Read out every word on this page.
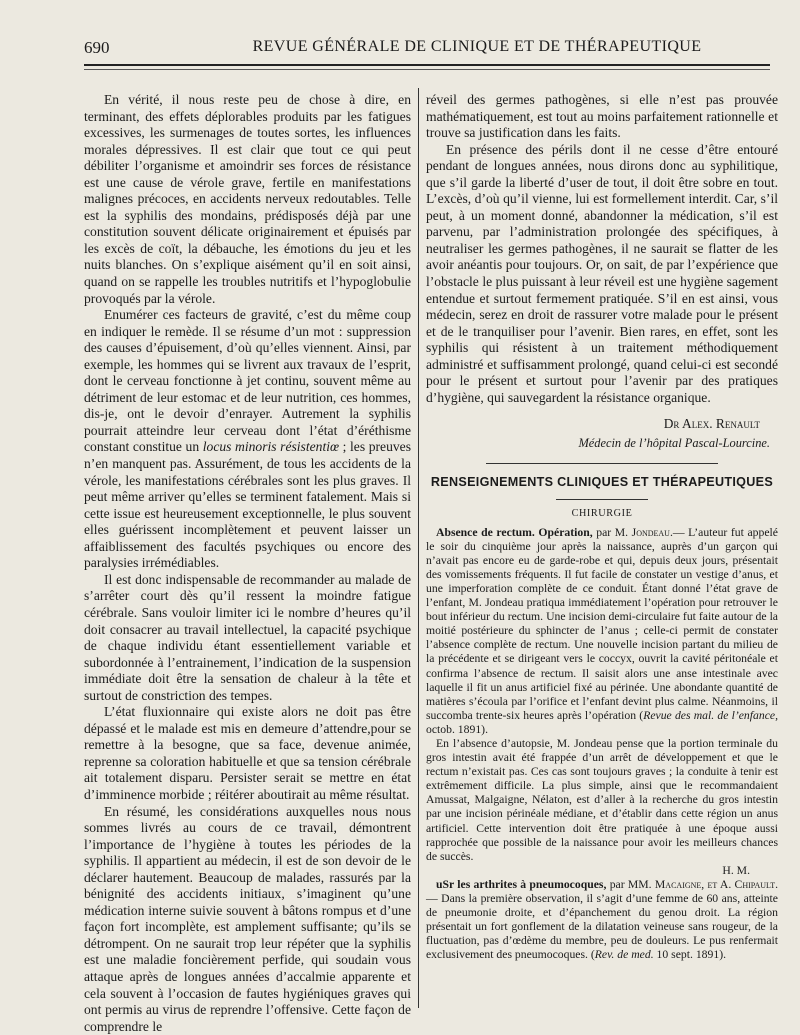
690	REVUE GÉNÉRALE DE CLINIQUE ET DE THÉRAPEUTIQUE

En vérité, il nous reste peu de chose à dire, en terminant, des effets déplorables produits par les fatigues excessives, les surmenages de toutes sortes, les influences morales dépressives. Il est clair que tout ce qui peut débiliter l’organisme et amoindrir ses forces de résistance est une cause de vérole grave, fertile en manifestations malignes précoces, en accidents nerveux redoutables. Telle est la syphilis des mondains, prédisposés déjà par une constitution souvent délicate originairement et épuisés par les excès de coït, la débauche, les émotions du jeu et les nuits blanches. On s’explique aisément qu’il en soit ainsi, quand on se rappelle les troubles nutritifs et l’hypoglobulie provoqués par la vérole.

Enumérer ces facteurs de gravité, c’est du même coup en indiquer le remède. Il se résume d’un mot : suppression des causes d’épuisement, d’où qu’elles viennent. Ainsi, par exemple, les hommes qui se livrent aux travaux de l’esprit, dont le cerveau fonctionne à jet continu, souvent même au détriment de leur estomac et de leur nutrition, ces hommes, dis-je, ont le devoir d’enrayer. Autrement la syphilis pourrait atteindre leur cerveau dont l’état d’éréthisme constant constitue un locus minoris résistentiœ ; les preuves n’en manquent pas. Assurément, de tous les accidents de la vérole, les manifestations cérébrales sont les plus graves. Il peut même arriver qu’elles se terminent fatalement. Mais si cette issue est heureusement exceptionnelle, le plus souvent elles guérissent incomplètement et peuvent laisser un affaiblissement des facultés psychiques ou encore des paralysies irrémédiables.

Il est donc indispensable de recommander au malade de s’arrêter court dès qu’il ressent la moindre fatigue cérébrale. Sans vouloir limiter ici le nombre d’heures qu’il doit consacrer au travail intellectuel, la capacité psychique de chaque individu étant essentiellement variable et subordonnée à l’entrainement, l’indication de la suspension immédiate doit être la sensation de chaleur à la tête et surtout de constriction des tempes.

L’état fluxionnaire qui existe alors ne doit pas être dépassé et le malade est mis en demeure d’attendre,pour se remettre à la besogne, que sa face, devenue animée, reprenne sa coloration habituelle et que sa tension cérébrale ait totalement disparu. Persister serait se mettre en état d’imminence morbide ; réitérer aboutirait au même résultat.

En résumé, les considérations auxquelles nous nous sommes livrés au cours de ce travail, démontrent l’importance de l’hygiène à toutes les périodes de la syphilis. Il appartient au médecin, il est de son devoir de le déclarer hautement. Beaucoup de malades, rassurés par la bénignité des accidents initiaux, s’imaginent qu’une médication interne suivie souvent à bâtons rompus et d’une façon fort incomplète, est amplement suffisante; qu’ils se détrompent. On ne saurait trop leur répéter que la syphilis est une maladie foncièrement perfide, qui soudain vous attaque après de longues années d’accalmie apparente et cela souvent à l’occasion de fautes hygiéniques graves qui ont permis au virus de reprendre l’offensive. Cette façon de comprendre le

réveil des germes pathogènes, si elle n’est pas prouvée mathématiquement, est tout au moins parfaitement rationnelle et trouve sa justification dans les faits.

En présence des périls dont il ne cesse d’être entouré pendant de longues années, nous dirons donc au syphilitique, que s’il garde la liberté d’user de tout, il doit être sobre en tout. L’excès, d’où qu’il vienne, lui est formellement interdit. Car, s’il peut, à un moment donné, abandonner la médication, s’il est parvenu, par l’administration prolongée des spécifiques, à neutraliser les germes pathogènes, il ne saurait se flatter de les avoir anéantis pour toujours. Or, on sait, de par l’expérience que l’obstacle le plus puissant à leur réveil est une hygiène sagement entendue et surtout fermement pratiquée. S’il en est ainsi, vous médecin, serez en droit de rassurer votre malade pour le présent et de le tranquiliser pour l’avenir. Bien rares, en effet, sont les syphilis qui résistent à un traitement méthodiquement administré et suffisamment prolongé, quand celui-ci est secondé pour le présent et surtout pour l’avenir par des pratiques d’hygiène, qui sauvegardent la résistance organique.

Dr Alex. Renault
Médecin de l’hôpital Pascal-Lourcine.
RENSEIGNEMENTS CLINIQUES ET THÉRAPEUTIQUES
CHIRURGIE

Absence de rectum. Opération, par M. Jondeau.— L’auteur fut appelé le soir du cinquième jour après la naissance, auprès d’un garçon qui n’avait pas encore eu de garde-robe et qui, depuis deux jours, présentait des vomissements fréquents. Il fut facile de constater un vestige d’anus, et une imperforation complète de ce conduit. Étant donné l’état grave de l’enfant, M. Jondeau pratiqua immédiatement l’opération pour retrouver le bout inférieur du rectum. Une incision demi-circulaire fut faite autour de la moitié postérieure du sphincter de l’anus ; celle-ci permit de constater l’absence complète de rectum. Une nouvelle incision partant du milieu de la précédente et se dirigeant vers le coccyx, ouvrit la cavité péritonéale et confirma l’absence de rectum. Il saisit alors une anse intestinale avec laquelle il fit un anus artificiel fixé au périnée. Une abondante quantité de matières s’écoula par l’orifice et l’enfant devint plus calme. Néanmoins, il succomba trente-six heures après l’opération (Revue des mal. de l’enfance, octob. 1891).

En l’absence d’autopsie, M. Jondeau pense que la portion terminale du gros intestin avait été frappée d’un arrêt de développement et que le rectum n’existait pas. Ces cas sont toujours graves ; la conduite à tenir est extrêmement difficile. La plus simple, ainsi que le recommandaient Amussat, Malgaigne, Nélaton, est d’aller à la recherche du gros intestin par une incision périnéale médiane, et d’établir dans cette région un anus artificiel. Cette intervention doit être pratiquée à une époque aussi rapprochée que possible de la naissance pour avoir les meilleurs chances de succès.

H. M.

uSr les arthrites à pneumocoques, par MM. Macaigne, et A. Chipault.— Dans la première observation, il s’agit d’une femme de 60 ans, atteinte de pneumonie droite, et d’épanchement du genou droit. La région présentait un fort gonflement de la dilatation veineuse sans rougeur, de la fluctuation, pas d’œdème du membre, peu de douleurs. Le pus renfermait exclusivement des pneumocoques. (Rev. de med. 10 sept. 1891).
